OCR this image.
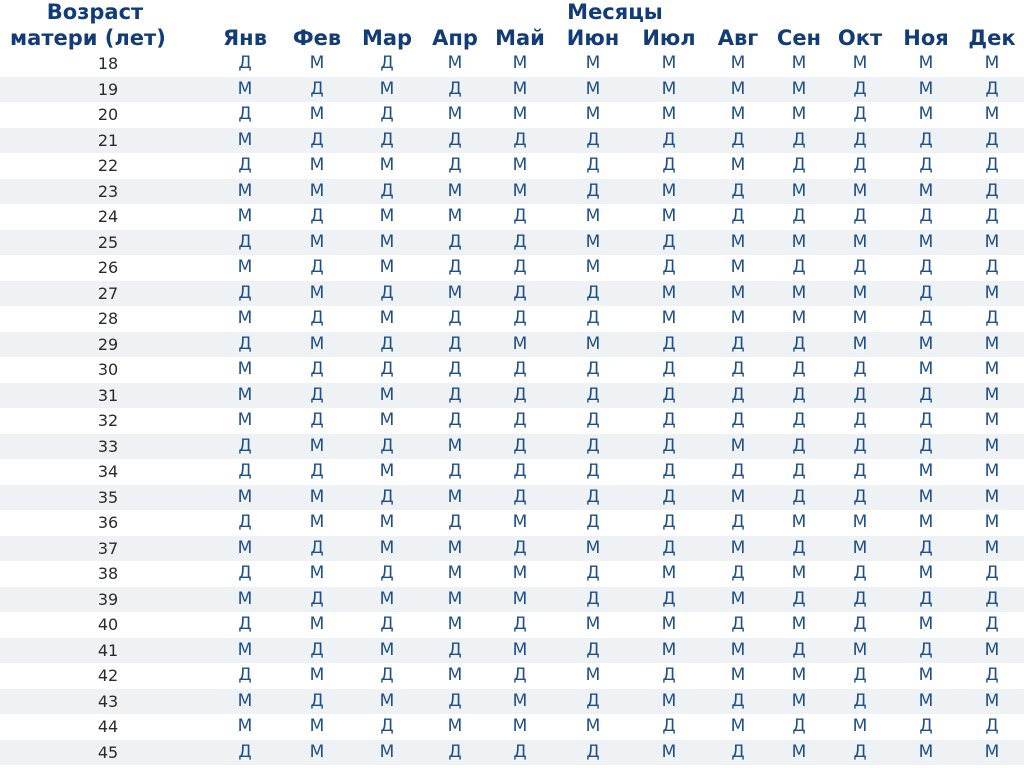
Возраст
матери (лет)
Месяцы
Янв	Фев Мар Апр Май	Июн	Июл	Авг Сен Окт	Ноя Дек
18	Д	М	Д	М	М	М	М	М	М	М	М	М
19	М	Д	М	Д	М	М	М	М	М	Д	М	Д
20	Д	М	Д	М	М	М	М	М	М	Д	М	М
21	М	Д	Д	Д	Д	Д	Д	Д	Д	Д	Д	Д
22	Д	М	М	Д	М	Д	Д	М	Д	Д	Д	Д
23	М	М	Д	М	М	Д	М	Д	М	М	М	Д
24	М	Д	М	М	Д	М	М	Д	Д	Д	Д	Д
25	Д	М	М	Д	Д	М	Д	М	М	М	М	М
26	М	Д	М	Д	Д	М	Д	М	Д	Д	Д	Д
27	Д	М	Д	М	Д	Д	М	М	М	М	Д	М
28	М	Д	М	Д	Д	Д	М	М	М	М	Д	Д
29	Д	М	Д	Д	М	М	Д	Д	Д	М	М	М
30	М	Д	Д	Д	Д	Д	Д	Д	Д	Д	М	М
31	М	Д	М	Д	Д	Д	Д	Д	Д	Д	Д	М
32	М	Д	М	Д	Д	Д	Д	Д	Д	Д	Д	М
33	Д	М	Д	М	Д	Д	Д	М	Д	Д	Д	М
34	Д	Д	М	Д	Д	Д	Д	Д	Д	Д	М	М
35	М	М	Д	М	Д	Д	Д	М	Д	Д	М	М
36	Д	М	М	Д	М	Д	Д	Д	М	М	М	М
37	М	Д	М	М	Д	М	Д	М	Д	М	Д	М
38	Д	М	Д	М	М	Д	М	Д	М	Д	М	Д
39	М	Д	М	М	М	Д	Д	М	Д	Д	Д	Д
40	Д	М	Д	М	Д	М	М	Д	М	Д	М	Д
41	М	Д	М	Д	М	Д	М	М	Д	М	Д	М
42	Д	М	Д	М	Д	М	Д	М	М	Д	М	Д
43	М	Д	М	Д	М	Д	М	Д	М	Д	М	М
44	М	М	Д	М	М	М	Д	М	Д	М	Д	Д
45	Д	М	М	Д	Д	Д	М	Д	М	Д	М	М
